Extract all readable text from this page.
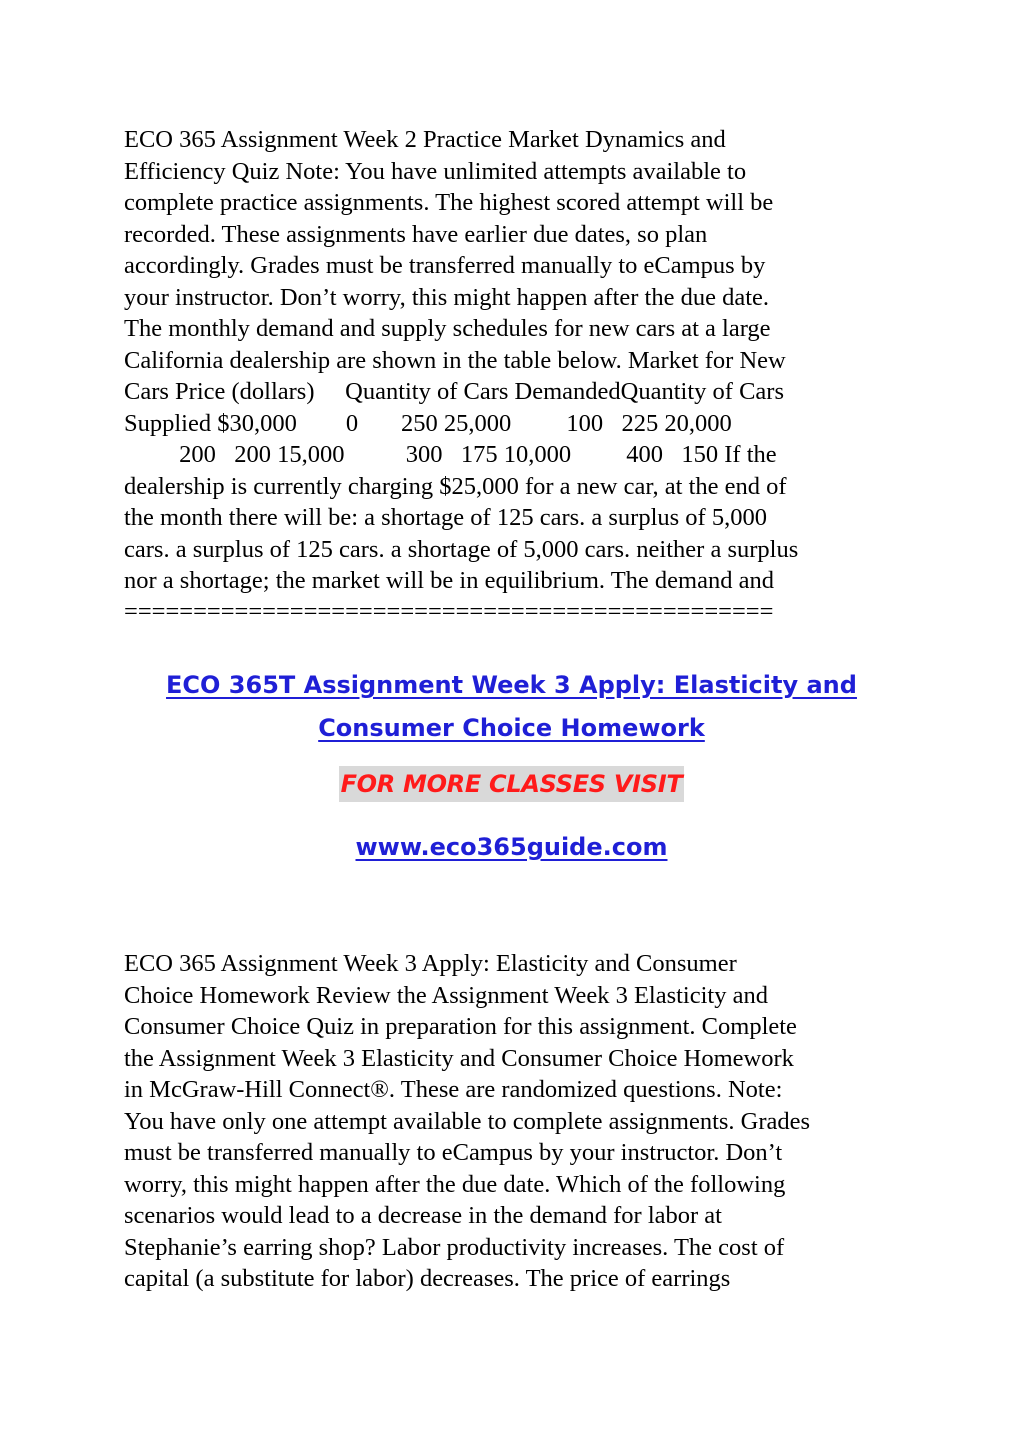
ECO 365 Assignment Week 2 Practice Market Dynamics and
Efficiency Quiz Note: You have unlimited attempts available to
complete practice assignments. The highest scored attempt will be
recorded. These assignments have earlier due dates, so plan
accordingly. Grades must be transferred manually to eCampus by
your instructor. Don’t worry, this might happen after the due date.
The monthly demand and supply schedules for new cars at a large
California dealership are shown in the table below. Market for New
Cars Price (dollars)     Quantity of Cars DemandedQuantity of Cars
Supplied $30,000        0       250 25,000         100   225 20,000
200   200 15,000          300   175 10,000         400   150 If the
dealership is currently charging $25,000 for a new car, at the end of
the month there will be: a shortage of 125 cars. a surplus of 5,000
cars. a surplus of 125 cars. a shortage of 5,000 cars. neither a surplus
nor a shortage; the market will be in equilibrium. The demand and
===============================================
ECO 365T Assignment Week 3 Apply: Elasticity and
Consumer Choice Homework
FOR MORE CLASSES VISIT
www.eco365guide.com
ECO 365 Assignment Week 3 Apply: Elasticity and Consumer
Choice Homework Review the Assignment Week 3 Elasticity and
Consumer Choice Quiz in preparation for this assignment. Complete
the Assignment Week 3 Elasticity and Consumer Choice Homework
in McGraw-Hill Connect®. These are randomized questions. Note:
You have only one attempt available to complete assignments. Grades
must be transferred manually to eCampus by your instructor. Don’t
worry, this might happen after the due date. Which of the following
scenarios would lead to a decrease in the demand for labor at
Stephanie’s earring shop? Labor productivity increases. The cost of
capital (a substitute for labor) decreases. The price of earrings
